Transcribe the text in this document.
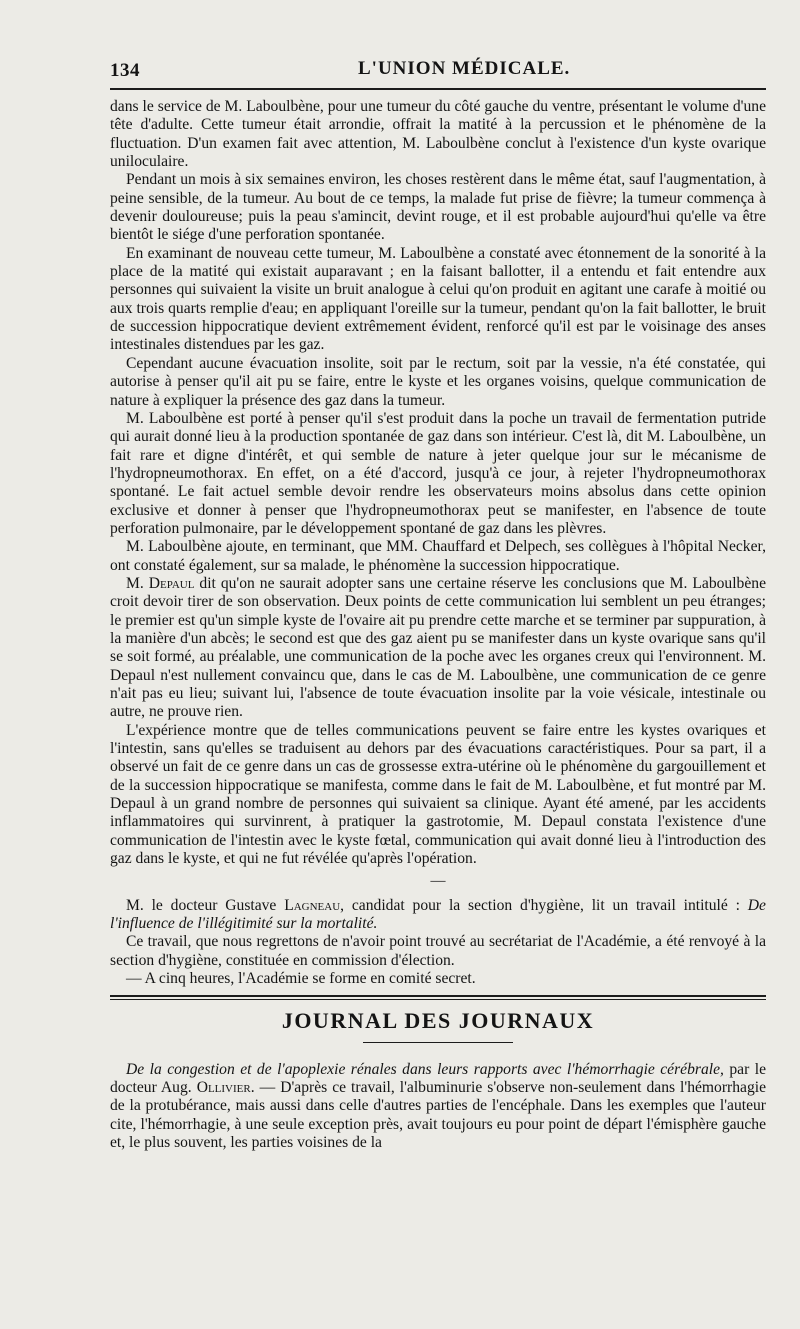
134	L'UNION MÉDICALE.

dans le service de M. Laboulbène, pour une tumeur du côté gauche du ventre, présentant le volume d'une tête d'adulte. Cette tumeur était arrondie, offrait la matité à la percussion et le phénomène de la fluctuation. D'un examen fait avec attention, M. Laboulbène conclut à l'existence d'un kyste ovarique uniloculaire.

Pendant un mois à six semaines environ, les choses restèrent dans le même état, sauf l'augmentation, à peine sensible, de la tumeur. Au bout de ce temps, la malade fut prise de fièvre; la tumeur commença à devenir douloureuse; puis la peau s'amincit, devint rouge, et il est probable aujourd'hui qu'elle va être bientôt le siége d'une perforation spontanée.

En examinant de nouveau cette tumeur, M. Laboulbène a constaté avec étonnement de la sonorité à la place de la matité qui existait auparavant ; en la faisant ballotter, il a entendu et fait entendre aux personnes qui suivaient la visite un bruit analogue à celui qu'on produit en agitant une carafe à moitié ou aux trois quarts remplie d'eau; en appliquant l'oreille sur la tumeur, pendant qu'on la fait ballotter, le bruit de succession hippocratique devient extrêmement évident, renforcé qu'il est par le voisinage des anses intestinales distendues par les gaz.

Cependant aucune évacuation insolite, soit par le rectum, soit par la vessie, n'a été constatée, qui autorise à penser qu'il ait pu se faire, entre le kyste et les organes voisins, quelque communication de nature à expliquer la présence des gaz dans la tumeur.

M. Laboulbène est porté à penser qu'il s'est produit dans la poche un travail de fermentation putride qui aurait donné lieu à la production spontanée de gaz dans son intérieur. C'est là, dit M. Laboulbène, un fait rare et digne d'intérêt, et qui semble de nature à jeter quelque jour sur le mécanisme de l'hydropneumothorax. En effet, on a été d'accord, jusqu'à ce jour, à rejeter l'hydropneumothorax spontané. Le fait actuel semble devoir rendre les observateurs moins absolus dans cette opinion exclusive et donner à penser que l'hydropneumothorax peut se manifester, en l'absence de toute perforation pulmonaire, par le développement spontané de gaz dans les plèvres.

M. Laboulbène ajoute, en terminant, que MM. Chauffard et Delpech, ses collègues à l'hôpital Necker, ont constaté également, sur sa malade, le phénomène la succession hippocratique.

M. Depaul dit qu'on ne saurait adopter sans une certaine réserve les conclusions que M. Laboulbène croit devoir tirer de son observation. Deux points de cette communication lui semblent un peu étranges; le premier est qu'un simple kyste de l'ovaire ait pu prendre cette marche et se terminer par suppuration, à la manière d'un abcès; le second est que des gaz aient pu se manifester dans un kyste ovarique sans qu'il se soit formé, au préalable, une communication de la poche avec les organes creux qui l'environnent. M. Depaul n'est nullement convaincu que, dans le cas de M. Laboulbène, une communication de ce genre n'ait pas eu lieu; suivant lui, l'absence de toute évacuation insolite par la voie vésicale, intestinale ou autre, ne prouve rien.

L'expérience montre que de telles communications peuvent se faire entre les kystes ovariques et l'intestin, sans qu'elles se traduisent au dehors par des évacuations caractéristiques. Pour sa part, il a observé un fait de ce genre dans un cas de grossesse extra-utérine où le phénomène du gargouillement et de la succession hippocratique se manifesta, comme dans le fait de M. Laboulbène, et fut montré par M. Depaul à un grand nombre de personnes qui suivaient sa clinique. Ayant été amené, par les accidents inflammatoires qui survinrent, à pratiquer la gastrotomie, M. Depaul constata l'existence d'une communication de l'intestin avec le kyste fœtal, communication qui avait donné lieu à l'introduction des gaz dans le kyste, et qui ne fut révélée qu'après l'opération.

—

M. le docteur Gustave Lagneau, candidat pour la section d'hygiène, lit un travail intitulé : De l'influence de l'illégitimité sur la mortalité.

Ce travail, que nous regrettons de n'avoir point trouvé au secrétariat de l'Académie, a été renvoyé à la section d'hygiène, constituée en commission d'élection.

— A cinq heures, l'Académie se forme en comité secret.

JOURNAL DES JOURNAUX

De la congestion et de l'apoplexie rénales dans leurs rapports avec l'hémorrhagie cérébrale, par le docteur Aug. Ollivier. — D'après ce travail, l'albuminurie s'observe non-seulement dans l'hémorrhagie de la protubérance, mais aussi dans celle d'autres parties de l'encéphale. Dans les exemples que l'auteur cite, l'hémorrhagie, à une seule exception près, avait toujours eu pour point de départ l'émisphère gauche et, le plus souvent, les parties voisines de la
